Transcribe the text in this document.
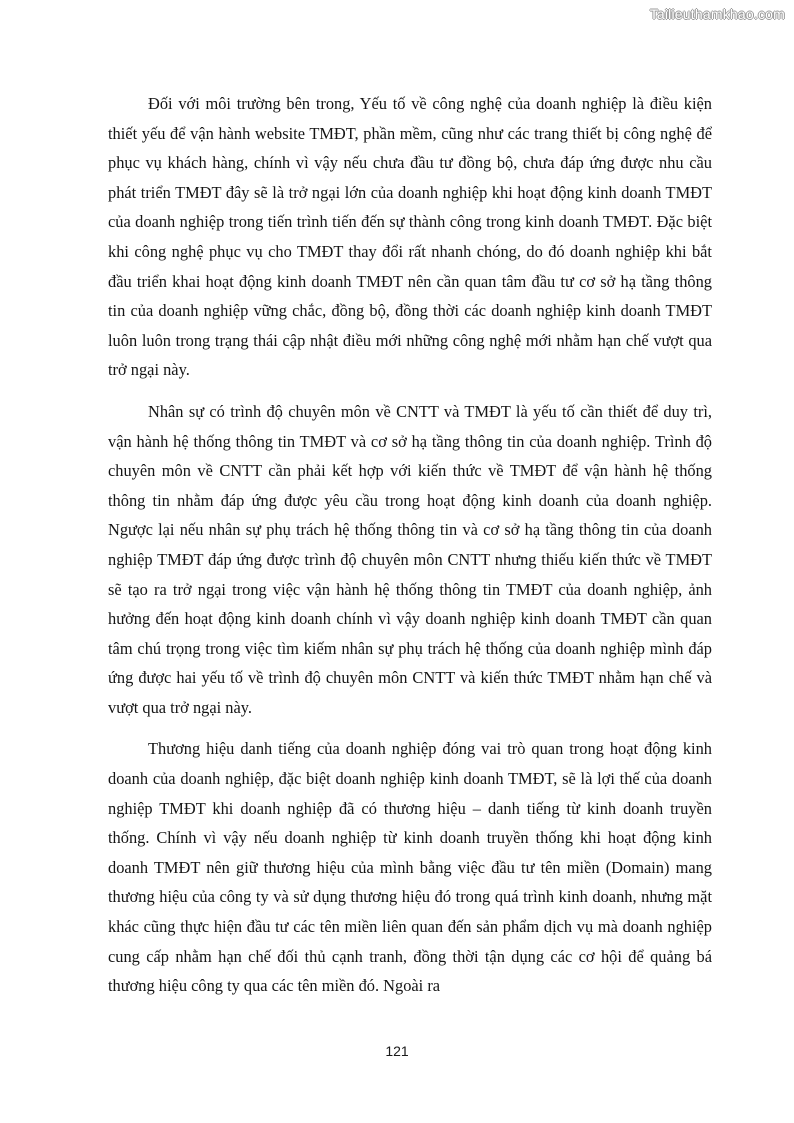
Tailieuthamkhao.com

Đối với môi trường bên trong, Yếu tố về công nghệ của doanh nghiệp là điều kiện thiết yếu để vận hành website TMĐT, phần mềm, cũng như các trang thiết bị công nghệ để phục vụ khách hàng, chính vì vậy nếu chưa đầu tư đồng bộ, chưa đáp ứng được nhu cầu phát triển TMĐT đây sẽ là trở ngại lớn của doanh nghiệp khi hoạt động kinh doanh TMĐT của doanh nghiệp trong tiến trình tiến đến sự thành công trong kinh doanh TMĐT. Đặc biệt khi công nghệ phục vụ cho TMĐT thay đổi rất nhanh chóng, do đó doanh nghiệp khi bắt đầu triển khai hoạt động kinh doanh TMĐT nên cần quan tâm đầu tư cơ sở hạ tầng thông tin của doanh nghiệp vững chắc, đồng bộ, đồng thời các doanh nghiệp kinh doanh TMĐT luôn luôn trong trạng thái cập nhật điều mới những công nghệ mới nhằm hạn chế vượt qua trở ngại này.

Nhân sự có trình độ chuyên môn về CNTT và TMĐT là yếu tố cần thiết để duy trì, vận hành hệ thống thông tin TMĐT và cơ sở hạ tầng thông tin của doanh nghiệp. Trình độ chuyên môn về CNTT cần phải kết hợp với kiến thức về TMĐT để vận hành hệ thống thông tin nhằm đáp ứng được yêu cầu trong hoạt động kinh doanh của doanh nghiệp. Ngược lại nếu nhân sự phụ trách hệ thống thông tin và cơ sở hạ tầng thông tin của doanh nghiệp TMĐT đáp ứng được trình độ chuyên môn CNTT nhưng thiếu kiến thức về TMĐT sẽ tạo ra trở ngại trong việc vận hành hệ thống thông tin TMĐT của doanh nghiệp, ảnh hưởng đến hoạt động kinh doanh chính vì vậy doanh nghiệp kinh doanh TMĐT cần quan tâm chú trọng trong việc tìm kiếm nhân sự phụ trách hệ thống của doanh nghiệp mình đáp ứng được hai yếu tố về trình độ chuyên môn CNTT và kiến thức TMĐT nhằm hạn chế và vượt qua trở ngại này.

Thương hiệu danh tiếng của doanh nghiệp đóng vai trò quan trong hoạt động kinh doanh của doanh nghiệp, đặc biệt doanh nghiệp kinh doanh TMĐT, sẽ là lợi thế của doanh nghiệp TMĐT khi doanh nghiệp đã có thương hiệu – danh tiếng từ kinh doanh truyền thống. Chính vì vậy nếu doanh nghiệp từ kinh doanh truyền thống khi hoạt động kinh doanh TMĐT nên giữ thương hiệu của mình bằng việc đầu tư tên miền (Domain) mang thương hiệu của công ty và sử dụng thương hiệu đó trong quá trình kinh doanh, nhưng mặt khác cũng thực hiện đầu tư các tên miền liên quan đến sản phẩm dịch vụ mà doanh nghiệp cung cấp nhằm hạn chế đối thủ cạnh tranh, đồng thời tận dụng các cơ hội để quảng bá thương hiệu công ty qua các tên miền đó. Ngoài ra

121
